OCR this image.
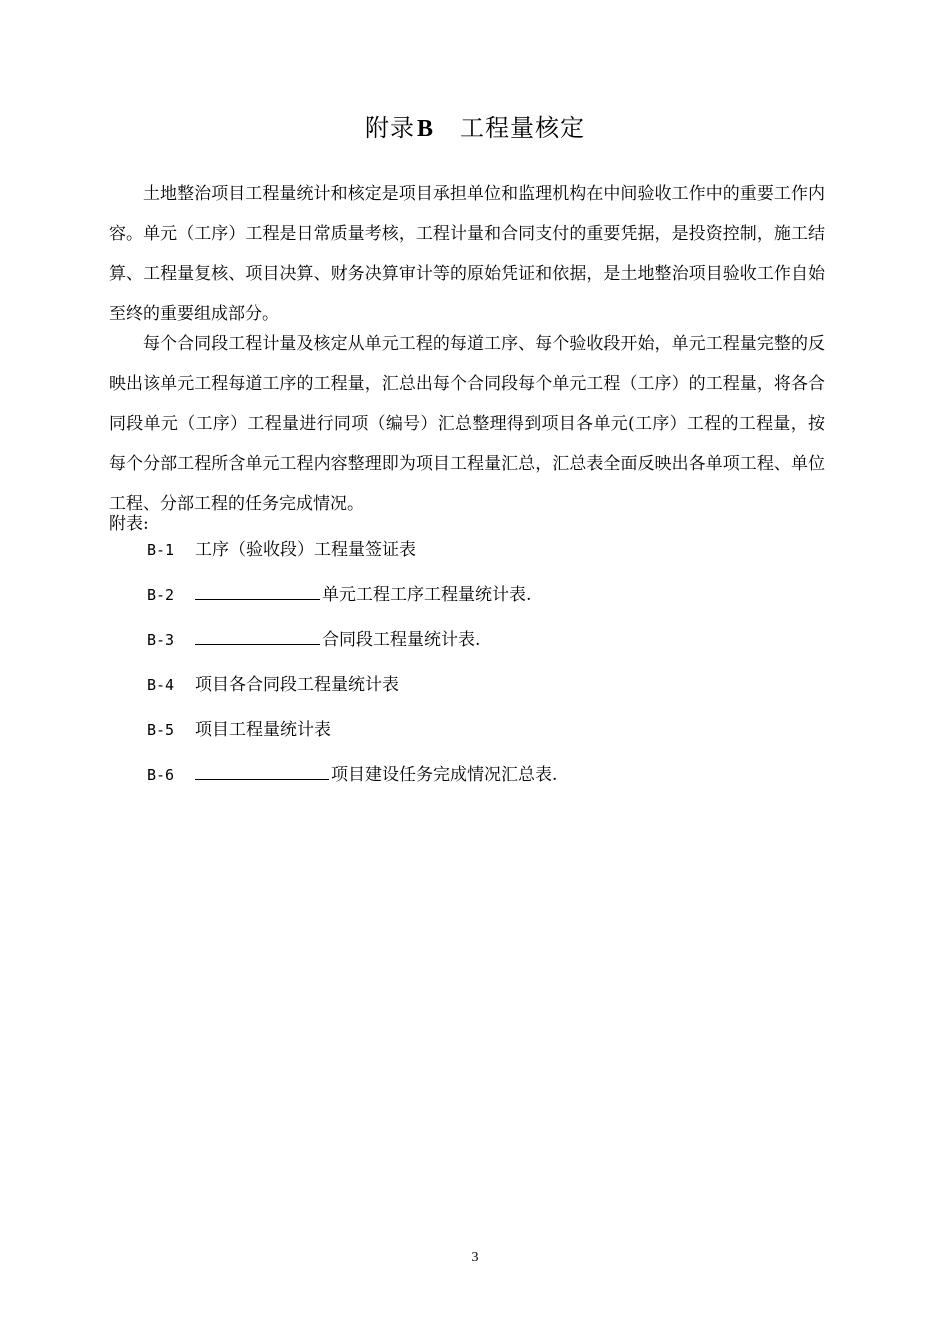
附录B 工程量核定

土地整治项目工程量统计和核定是项目承担单位和监理机构在中间验收工作中的重要工作内容。单元（工序）工程是日常质量考核，工程计量和合同支付的重要凭据，是投资控制，施工结算、工程量复核、项目决算、财务决算审计等的原始凭证和依据，是土地整治项目验收工作自始至终的重要组成部分。

每个合同段工程计量及核定从单元工程的每道工序、每个验收段开始，单元工程量完整的反映出该单元工程每道工序的工程量，汇总出每个合同段每个单元工程（工序）的工程量，将各合同段单元（工序）工程量进行同项（编号）汇总整理得到项目各单元(工序）工程的工程量，按每个分部工程所含单元工程内容整理即为项目工程量汇总，汇总表全面反映出各单项工程、单位工程、分部工程的任务完成情况。

附表:
B-1	工序（验收段）工程量签证表
B-2	单元工程工序工程量统计表.
B-3	合同段工程量统计表.
B-4	项目各合同段工程量统计表
B-5	项目工程量统计表
B-6	项目建设任务完成情况汇总表.
3
